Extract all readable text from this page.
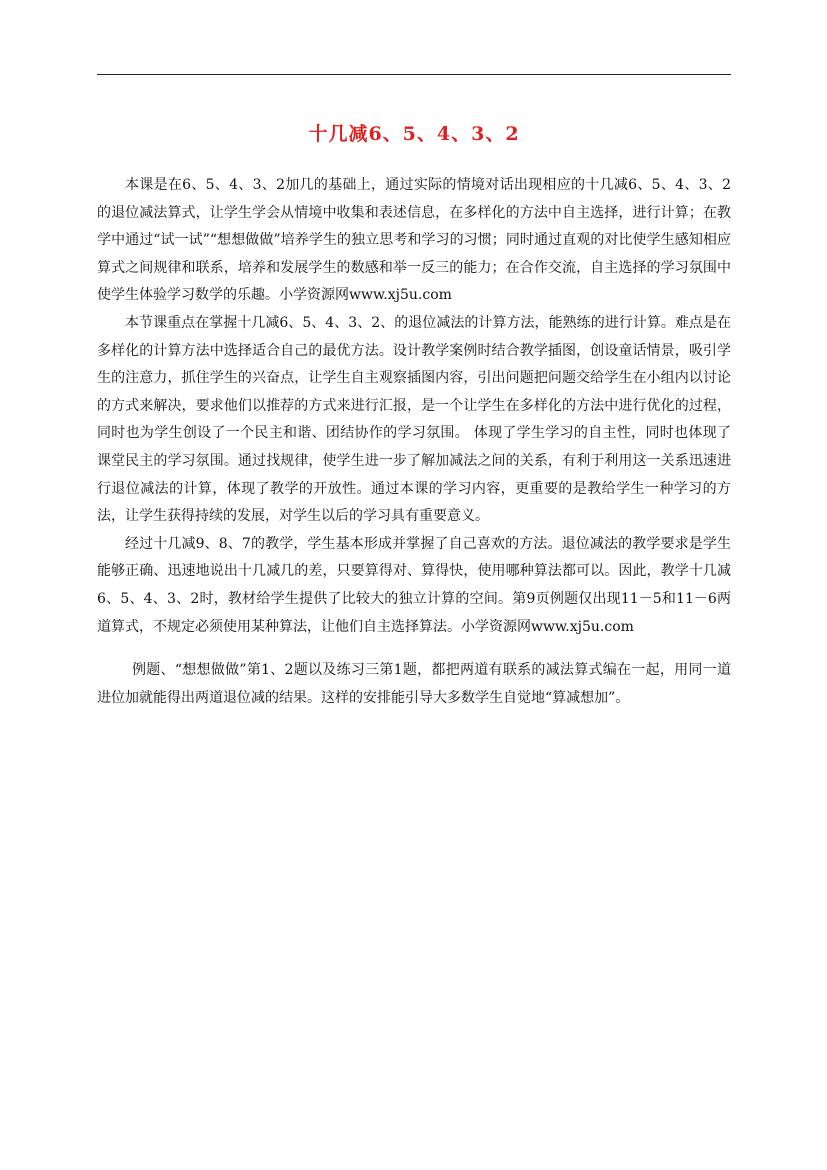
十几减6、5、4、3、2

本课是在6、5、4、3、2加几的基础上，通过实际的情境对话出现相应的十几减6、5、4、3、2的退位减法算式，让学生学会从情境中收集和表述信息，在多样化的方法中自主选择，进行计算；在教学中通过“试一试”“想想做做”培养学生的独立思考和学习的习惯；同时通过直观的对比使学生感知相应算式之间规律和联系，培养和发展学生的数感和举一反三的能力；在合作交流，自主选择的学习氛围中使学生体验学习数学的乐趣。小学资源网www.xj5u.com

本节课重点在掌握十几减6、5、4、3、2、的退位减法的计算方法，能熟练的进行计算。难点是在多样化的计算方法中选择适合自己的最优方法。设计教学案例时结合教学插图，创设童话情景，吸引学生的注意力，抓住学生的兴奋点，让学生自主观察插图内容，引出问题把问题交给学生在小组内以讨论的方式来解决，要求他们以推荐的方式来进行汇报，是一个让学生在多样化的方法中进行优化的过程，同时也为学生创设了一个民主和谐、团结协作的学习氛围。 体现了学生学习的自主性，同时也体现了课堂民主的学习氛围。通过找规律，使学生进一步了解加减法之间的关系，有利于利用这一关系迅速进行退位减法的计算，体现了教学的开放性。通过本课的学习内容，更重要的是教给学生一种学习的方法，让学生获得持续的发展，对学生以后的学习具有重要意义。

经过十几减9、8、7的教学，学生基本形成并掌握了自己喜欢的方法。退位减法的教学要求是学生能够正确、迅速地说出十几减几的差，只要算得对、算得快，使用哪种算法都可以。因此，教学十几减6、5、4、3、2时，教材给学生提供了比较大的独立计算的空间。第9页例题仅出现11－5和11－6两道算式，不规定必须使用某种算法，让他们自主选择算法。小学资源网www.xj5u.com

例题、“想想做做”第1、2题以及练习三第1题，都把两道有联系的减法算式编在一起，用同一道进位加就能得出两道退位减的结果。这样的安排能引导大多数学生自觉地“算减想加”。
